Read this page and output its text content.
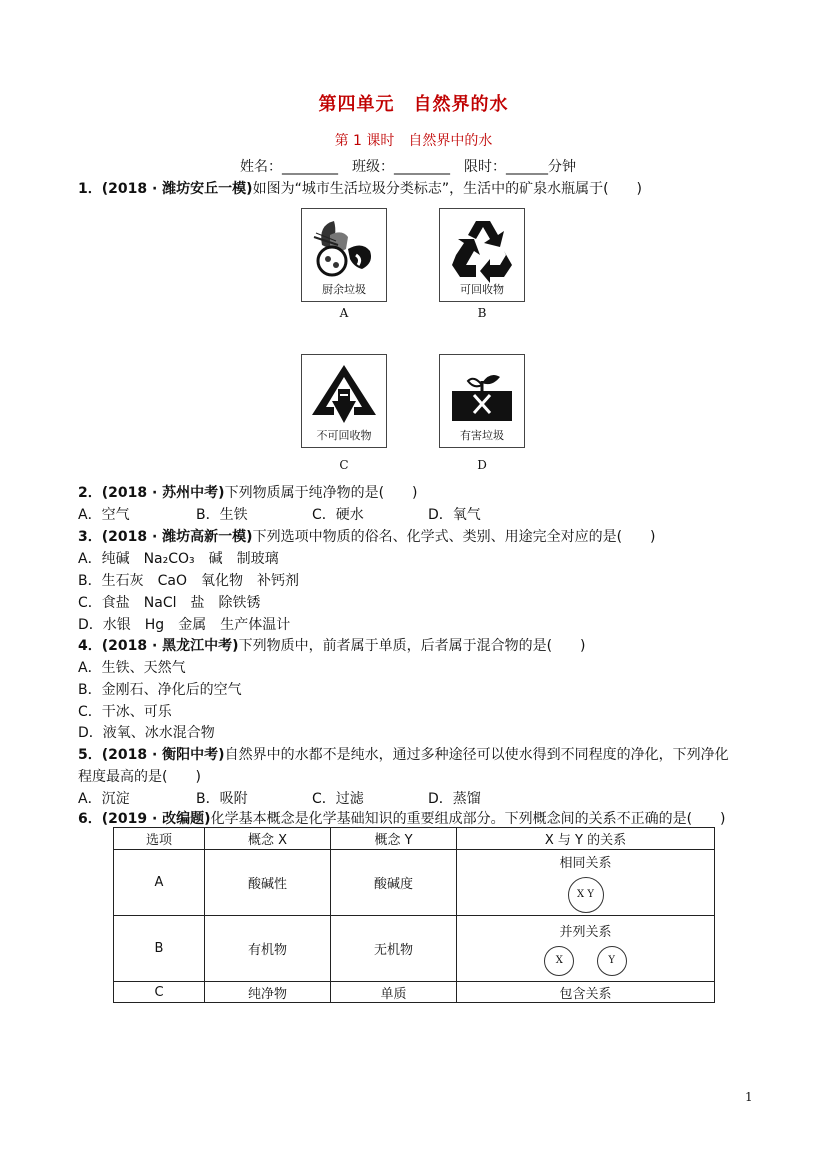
第四单元　自然界的水
第 1 课时　自然界中的水
姓名：________　班级：________　限时：______分钟
1．(2018 · 潍坊安丘一模)如图为“城市生活垃圾分类标志”，生活中的矿泉水瓶属于(　　)
厨余垃圾
A
可回收物
B
不可回收物
C
有害垃圾
D
2．(2018 · 苏州中考)下列物质属于纯净物的是(　　)
A．空气	B．生铁	C．硬水	D．氧气
3．(2018 · 潍坊高新一模)下列选项中物质的俗名、化学式、类别、用途完全对应的是(　　)
A．纯碱　Na₂CO₃　碱　制玻璃
B．生石灰　CaO　氧化物　补钙剂
C．食盐　NaCl　盐　除铁锈
D．水银　Hg　金属　生产体温计
4．(2018 · 黑龙江中考)下列物质中，前者属于单质，后者属于混合物的是(　　)
A．生铁、天然气
B．金刚石、净化后的空气
C．干冰、可乐
D．液氧、冰水混合物
5．(2018 · 衡阳中考)自然界中的水都不是纯水，通过多种途径可以使水得到不同程度的净化，下列净化
程度最高的是(　　)
A．沉淀	B．吸附	C．过滤	D．蒸馏
6．(2019 · 改编题)化学基本概念是化学基础知识的重要组成部分。下列概念间的关系不正确的是(　　)
选项	概念 X	概念 Y	X 与 Y 的关系
A	酸碱性	酸碱度	相同关系
X Y
B	有机物	无机物	并列关系
X Y

C	纯净物	单质	包含关系
1
